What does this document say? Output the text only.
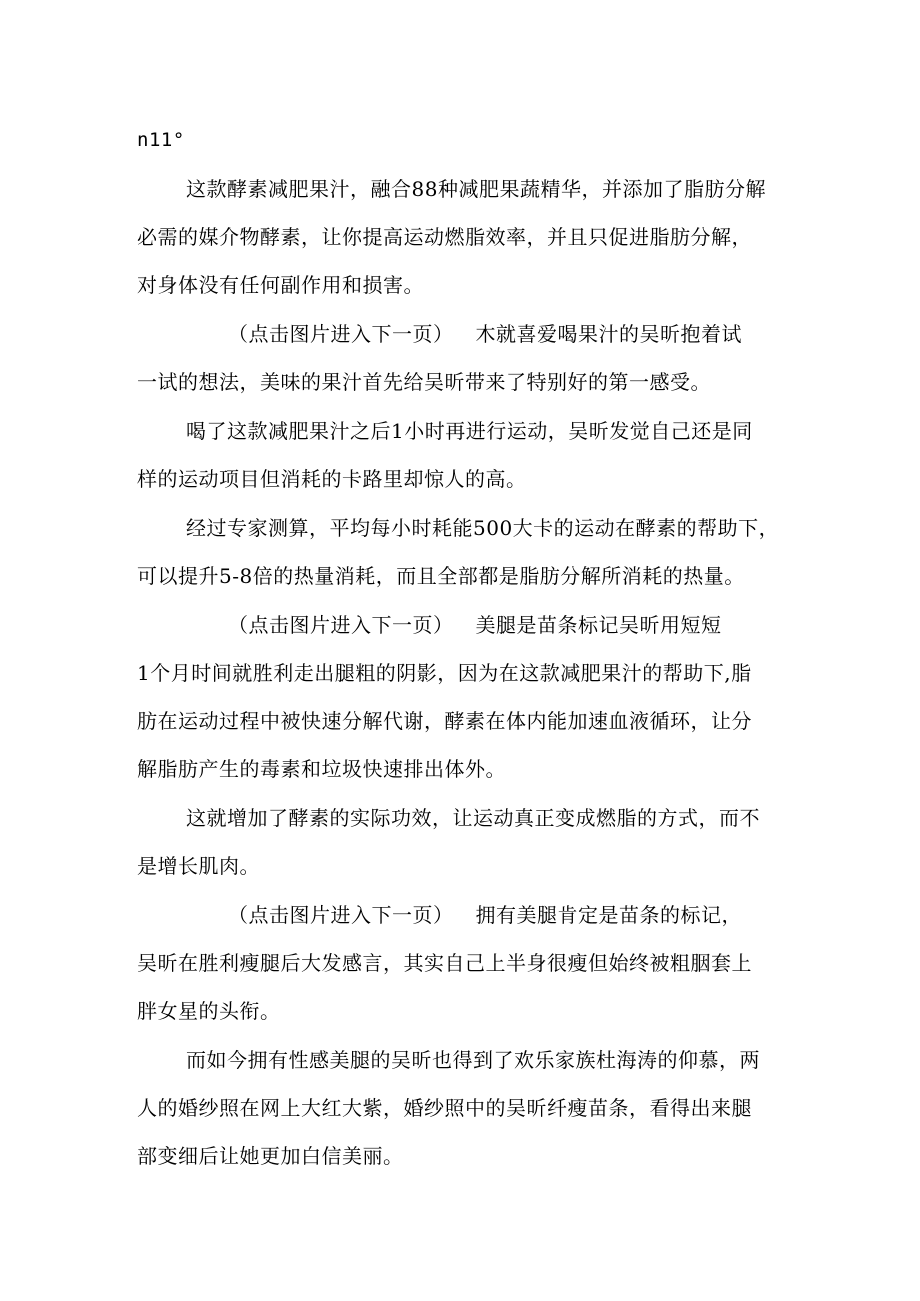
n11°
这款酵素减肥果汁，融合88种减肥果蔬精华，并添加了脂肪分解
必需的媒介物酵素，让你提高运动燃脂效率，并且只促进脂肪分解，
对身体没有任何副作用和损害。
（点击图片进入下一页） 木就喜爱喝果汁的吴昕抱着试
一试的想法，美味的果汁首先给吴昕带来了特别好的第一感受。
喝了这款减肥果汁之后1小时再进行运动，吴昕发觉自己还是同
样的运动项目但消耗的卡路里却惊人的高。
经过专家测算，平均每小时耗能500大卡的运动在酵素的帮助下，
可以提升5-8倍的热量消耗，而且全部都是脂肪分解所消耗的热量。
（点击图片进入下一页） 美腿是苗条标记吴昕用短短
1个月时间就胜利走出腿粗的阴影，因为在这款减肥果汁的帮助下,脂
肪在运动过程中被快速分解代谢，酵素在体内能加速血液循环，让分
解脂肪产生的毒素和垃圾快速排出体外。
这就增加了酵素的实际功效，让运动真正变成燃脂的方式，而不
是增长肌肉。
（点击图片进入下一页） 拥有美腿肯定是苗条的标记，
吴昕在胜利瘦腿后大发感言，其实自己上半身很瘦但始终被粗胭套上
胖女星的头衔。
而如今拥有性感美腿的吴昕也得到了欢乐家族杜海涛的仰慕，两
人的婚纱照在网上大红大紫，婚纱照中的吴昕纤瘦苗条，看得出来腿
部变细后让她更加白信美丽。
